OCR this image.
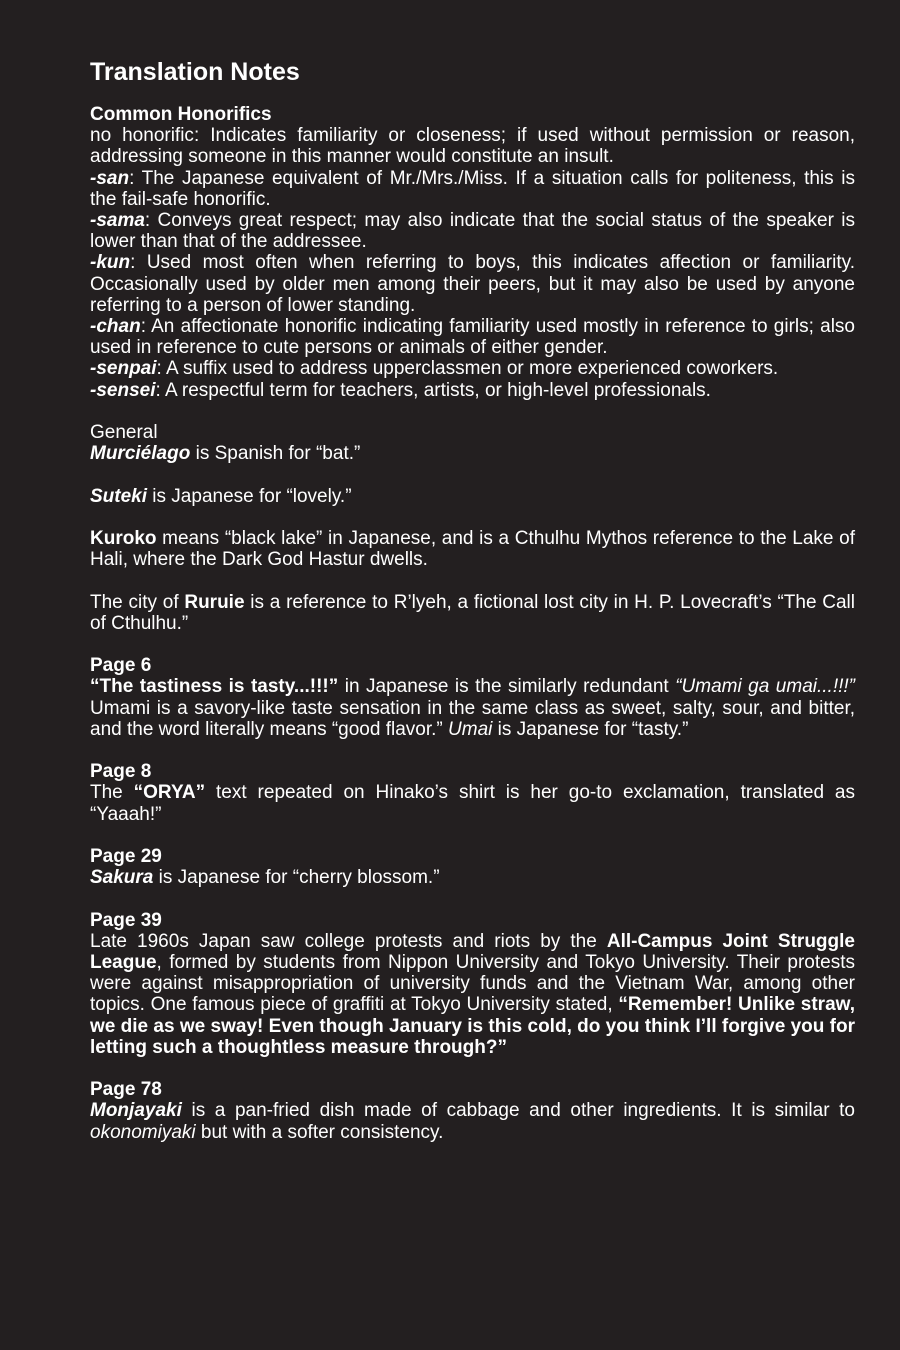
Translation Notes
Common Honorifics
no honorific: Indicates familiarity or closeness; if used without permission or reason, addressing someone in this manner would constitute an insult.
-san: The Japanese equivalent of Mr./Mrs./Miss. If a situation calls for politeness, this is the fail-safe honorific.
-sama: Conveys great respect; may also indicate that the social status of the speaker is lower than that of the addressee.
-kun: Used most often when referring to boys, this indicates affection or familiarity. Occasionally used by older men among their peers, but it may also be used by anyone referring to a person of lower standing.
-chan: An affectionate honorific indicating familiarity used mostly in reference to girls; also used in reference to cute persons or animals of either gender.
-senpai: A suffix used to address upperclassmen or more experienced coworkers.
-sensei: A respectful term for teachers, artists, or high-level professionals.
General
Murciélago is Spanish for “bat.”
Suteki is Japanese for “lovely.”
Kuroko means “black lake” in Japanese, and is a Cthulhu Mythos reference to the Lake of Hali, where the Dark God Hastur dwells.
The city of Ruruie is a reference to R’lyeh, a fictional lost city in H. P. Lovecraft’s “The Call of Cthulhu.”
Page 6
“The tastiness is tasty...!!!” in Japanese is the similarly redundant “Umami ga umai...!!!” Umami is a savory-like taste sensation in the same class as sweet, salty, sour, and bitter, and the word literally means “good flavor.” Umai is Japanese for “tasty.”
Page 8
The “ORYA” text repeated on Hinako’s shirt is her go-to exclamation, translated as “Yaaah!”
Page 29
Sakura is Japanese for “cherry blossom.”
Page 39
Late 1960s Japan saw college protests and riots by the All-Campus Joint Struggle League, formed by students from Nippon University and Tokyo University. Their protests were against misappropriation of university funds and the Vietnam War, among other topics. One famous piece of graffiti at Tokyo University stated, “Remember! Unlike straw, we die as we sway! Even though January is this cold, do you think I’ll forgive you for letting such a thoughtless measure through?”
Page 78
Monjayaki is a pan-fried dish made of cabbage and other ingredients. It is similar to okonomiyaki but with a softer consistency.
